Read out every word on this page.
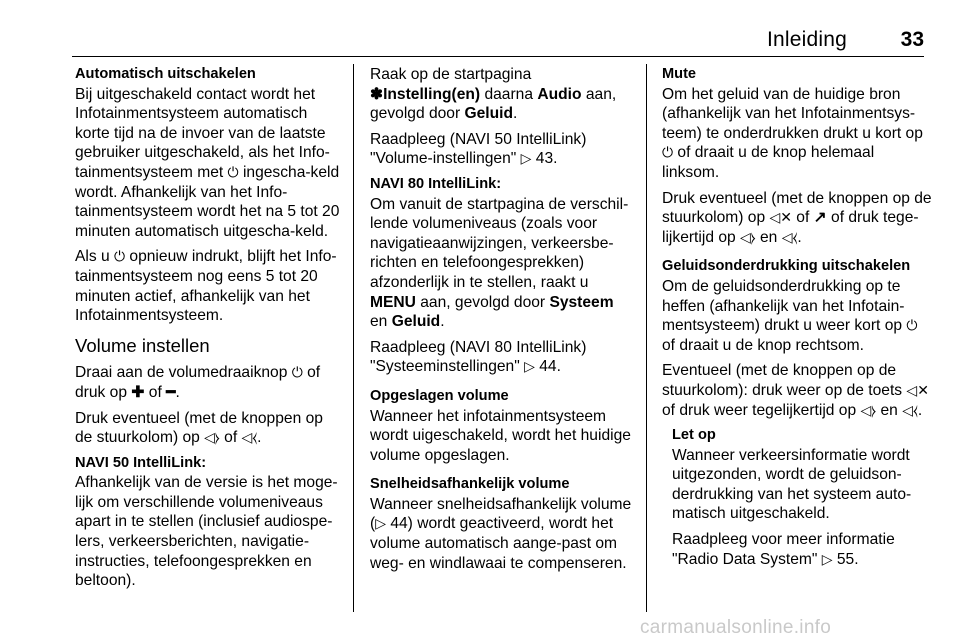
Inleiding	33
Automatisch uitschakelen

Bij uitgeschakeld contact wordt het Infotainmentsysteem automatisch korte tijd na de invoer van de laatste gebruiker uitgeschakeld, als het Info-tainmentsysteem met ⏻ ingescha-keld wordt. Afhankelijk van het Info-tainmentsysteem wordt het na 5 tot 20 minuten automatisch uitgescha-keld.

Als u ⏻ opnieuw indrukt, blijft het Info-tainmentsysteem nog eens 5 tot 20 minuten actief, afhankelijk van het Infotainmentsysteem.

Volume instellen

Draai aan de volumedraaiknop ⏻ of druk op ✚ of ━.

Druk eventueel (met de knoppen op de stuurkolom) op ◁⧽ of ◁⧼.

NAVI 50 IntelliLink:

Afhankelijk van de versie is het moge-lijk om verschillende volumeniveaus apart in te stellen (inclusief audiospe-lers, verkeersberichten, navigatie-instructies, telefoongesprekken en beltoon).

Raak op de startpagina ✽Instelling(en) daarna Audio aan, gevolgd door Geluid.

Raadpleeg (NAVI 50 IntelliLink) "Volume-instellingen" ▷ 43.

NAVI 80 IntelliLink:

Om vanuit de startpagina de verschil-lende volumeniveaus (zoals voor navigatieaanwijzingen, verkeersbe-richten en telefoongesprekken) afzonderlijk in te stellen, raakt u MENU aan, gevolgd door Systeem en Geluid.

Raadpleeg (NAVI 80 IntelliLink) "Systeeminstellingen" ▷ 44.

Opgeslagen volume

Wanneer het infotainmentsysteem wordt uigeschakeld, wordt het huidige volume opgeslagen.

Snelheidsafhankelijk volume

Wanneer snelheidsafhankelijk volume (▷ 44) wordt geactiveerd, wordt het volume automatisch aange-past om weg- en windlawaai te compenseren.

Mute

Om het geluid van de huidige bron (afhankelijk van het Infotainmentsys-teem) te onderdrukken drukt u kort op ⏻ of draait u de knop helemaal linksom.

Druk eventueel (met de knoppen op de stuurkolom) op ◁✕ of ↗ of druk tege-lijkertijd op ◁⧽ en ◁⧼.

Geluidsonderdrukking uitschakelen

Om de geluidsonderdrukking op te heffen (afhankelijk van het Infotain-mentsysteem) drukt u weer kort op ⏻ of draait u de knop rechtsom.

Eventueel (met de knoppen op de stuurkolom): druk weer op de toets ◁✕ of druk weer tegelijkertijd op ◁⧽ en ◁⧼.

Let op

Wanneer verkeersinformatie wordt uitgezonden, wordt de geluidson-derdrukking van het systeem auto-matisch uitgeschakeld.

Raadpleeg voor meer informatie "Radio Data System" ▷ 55.

carmanualsonline.info
